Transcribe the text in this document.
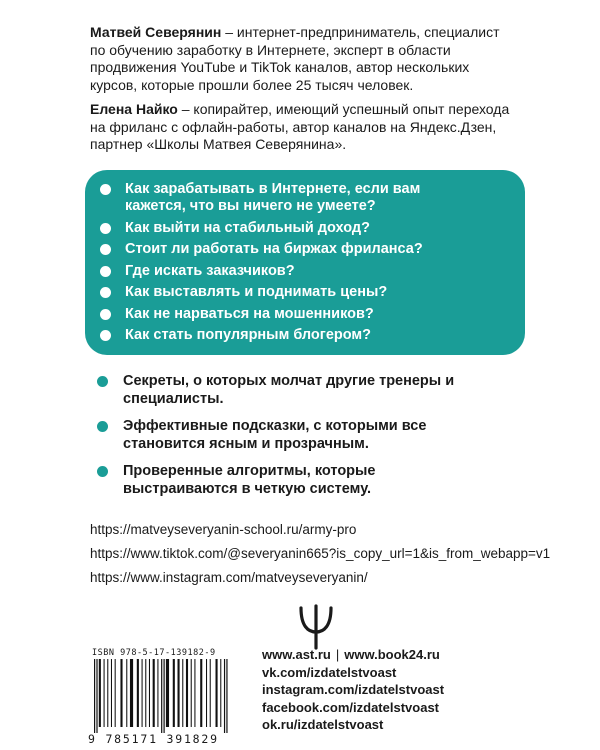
Матвей Северянин – интернет-предприниматель, специалист по обучению заработку в Интернете, эксперт в области продвижения YouTube и TikTok каналов, автор нескольких курсов, которые прошли более 25 тысяч человек.

Елена Найко – копирайтер, имеющий успешный опыт перехода на фриланс с офлайн-работы, автор каналов на Яндекс.Дзен, партнер «Школы Матвея Северянина».

Как зарабатывать в Интернете, если вам кажется, что вы ничего не умеете?
Как выйти на стабильный доход?
Стоит ли работать на биржах фриланса?
Где искать заказчиков?
Как выставлять и поднимать цены?
Как не нарваться на мошенников?
Как стать популярным блогером?
Секреты, о которых молчат другие тренеры и специалисты.
Эффективные подсказки, с которыми все становится ясным и прозрачным.
Проверенные алгоритмы, которые выстраиваются в четкую систему.
https://matveyseveryanin-school.ru/army-pro
https://www.tiktok.com/@severyanin665?is_copy_url=1&is_from_webapp=v1
https://www.instagram.com/matveyseveryanin/
ISBN 978-5-17-139182-9
9 785171 391829
www.ast.ru | www.book24.ru
vk.com/izdatelstvoast
instagram.com/izdatelstvoast
facebook.com/izdatelstvoast
ok.ru/izdatelstvoast
